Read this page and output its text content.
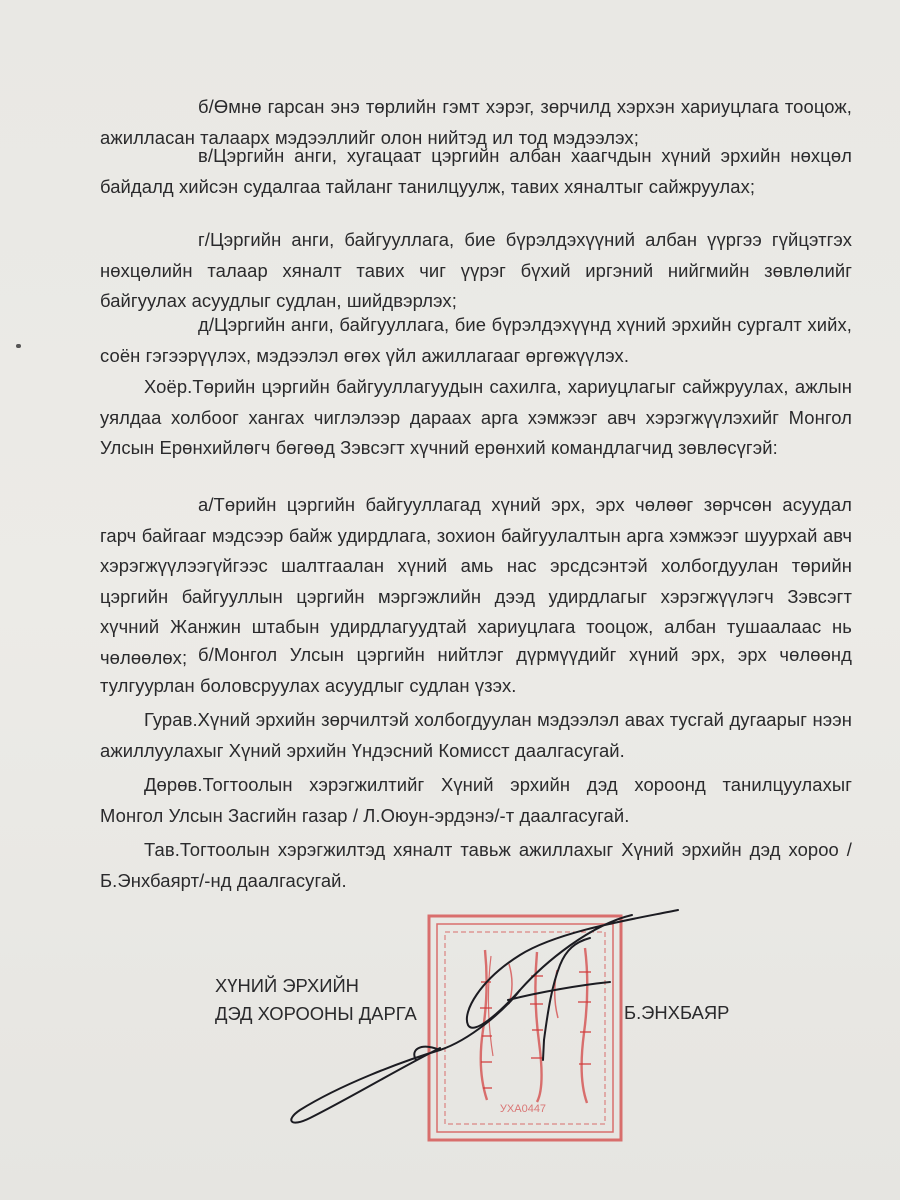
б/Өмнө гарсан энэ төрлийн гэмт хэрэг, зөрчилд хэрхэн хариуцлага тооцож, ажилласан талаарх мэдээллийг олон нийтэд ил тод мэдээлэх;

в/Цэргийн анги, хугацаат цэргийн албан хаагчдын хүний эрхийн нөхцөл байдалд хийсэн судалгаа тайланг танилцуулж, тавих хяналтыг сайжруулах;

г/Цэргийн анги, байгууллага, бие бүрэлдэхүүний албан үүргээ гүйцэтгэх нөхцөлийн талаар хяналт тавих чиг үүрэг бүхий иргэний нийгмийн зөвлөлийг байгуулах асуудлыг судлан, шийдвэрлэх;

д/Цэргийн анги, байгууллага, бие бүрэлдэхүүнд хүний эрхийн сургалт хийх, соён гэгээрүүлэх, мэдээлэл өгөх үйл ажиллагааг өргөжүүлэх.

Хоёр.Төрийн цэргийн байгууллагуудын сахилга, хариуцлагыг сайжруулах, ажлын уялдаа холбоог хангах чиглэлээр дараах арга хэмжээг авч хэрэгжүүлэхийг Монгол Улсын Ерөнхийлөгч бөгөөд Зэвсэгт хүчний ерөнхий командлагчид зөвлөсүгэй:

а/Төрийн цэргийн байгууллагад хүний эрх, эрх чөлөөг зөрчсөн асуудал гарч байгааг мэдсээр байж удирдлага, зохион байгуулалтын арга хэмжээг шуурхай авч хэрэгжүүлээгүйгээс шалтгаалан хүний амь нас эрсдсэнтэй холбогдуулан төрийн цэргийн байгууллын цэргийн мэргэжлийн дээд удирдлагыг хэрэгжүүлэгч Зэвсэгт хүчний Жанжин штабын удирдлагуудтай хариуцлага тооцож, албан тушаалаас нь чөлөөлөх; б/Монгол Улсын цэргийн нийтлэг дүрмүүдийг хүний эрх, эрх чөлөөнд тулгуурлан боловсруулах асуудлыг судлан үзэх.

Гурав.Хүний эрхийн зөрчилтэй холбогдуулан мэдээлэл авах тусгай дугаарыг нээн ажиллуулахыг Хүний эрхийн Үндэсний Комисст даалгасугай.

Дөрөв.Тогтоолын хэрэгжилтийг Хүний эрхийн дэд хороонд танилцуулахыг Монгол Улсын Засгийн газар / Л.Оюун-эрдэнэ/-т даалгасугай.

Тав.Тогтоолын хэрэгжилтэд хяналт тавьж ажиллахыг Хүний эрхийн дэд хороо /Б.Энхбаярт/-нд даалгасугай.

УХА0447

ХҮНИЙ ЭРХИЙН
ДЭД ХОРООНЫ ДАРГА	Б.ЭНХБАЯР
